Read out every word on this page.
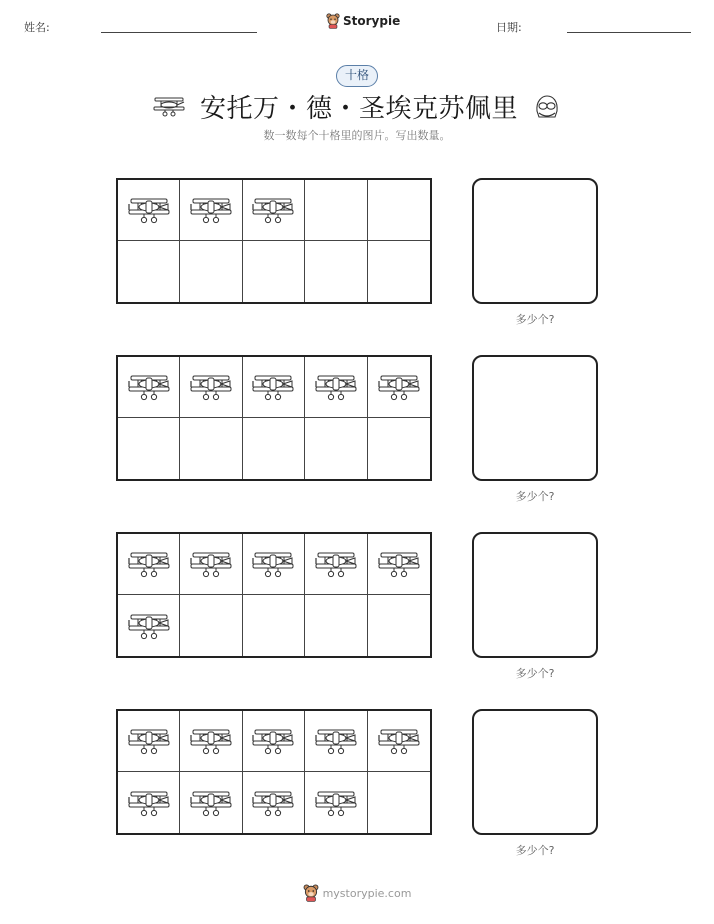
姓名:	Storypie	日期:
十格
安托万・德・圣埃克苏佩里
数一数每个十格里的图片。写出数量。
多少个?
多少个?
多少个?
多少个?
mystorypie.com
